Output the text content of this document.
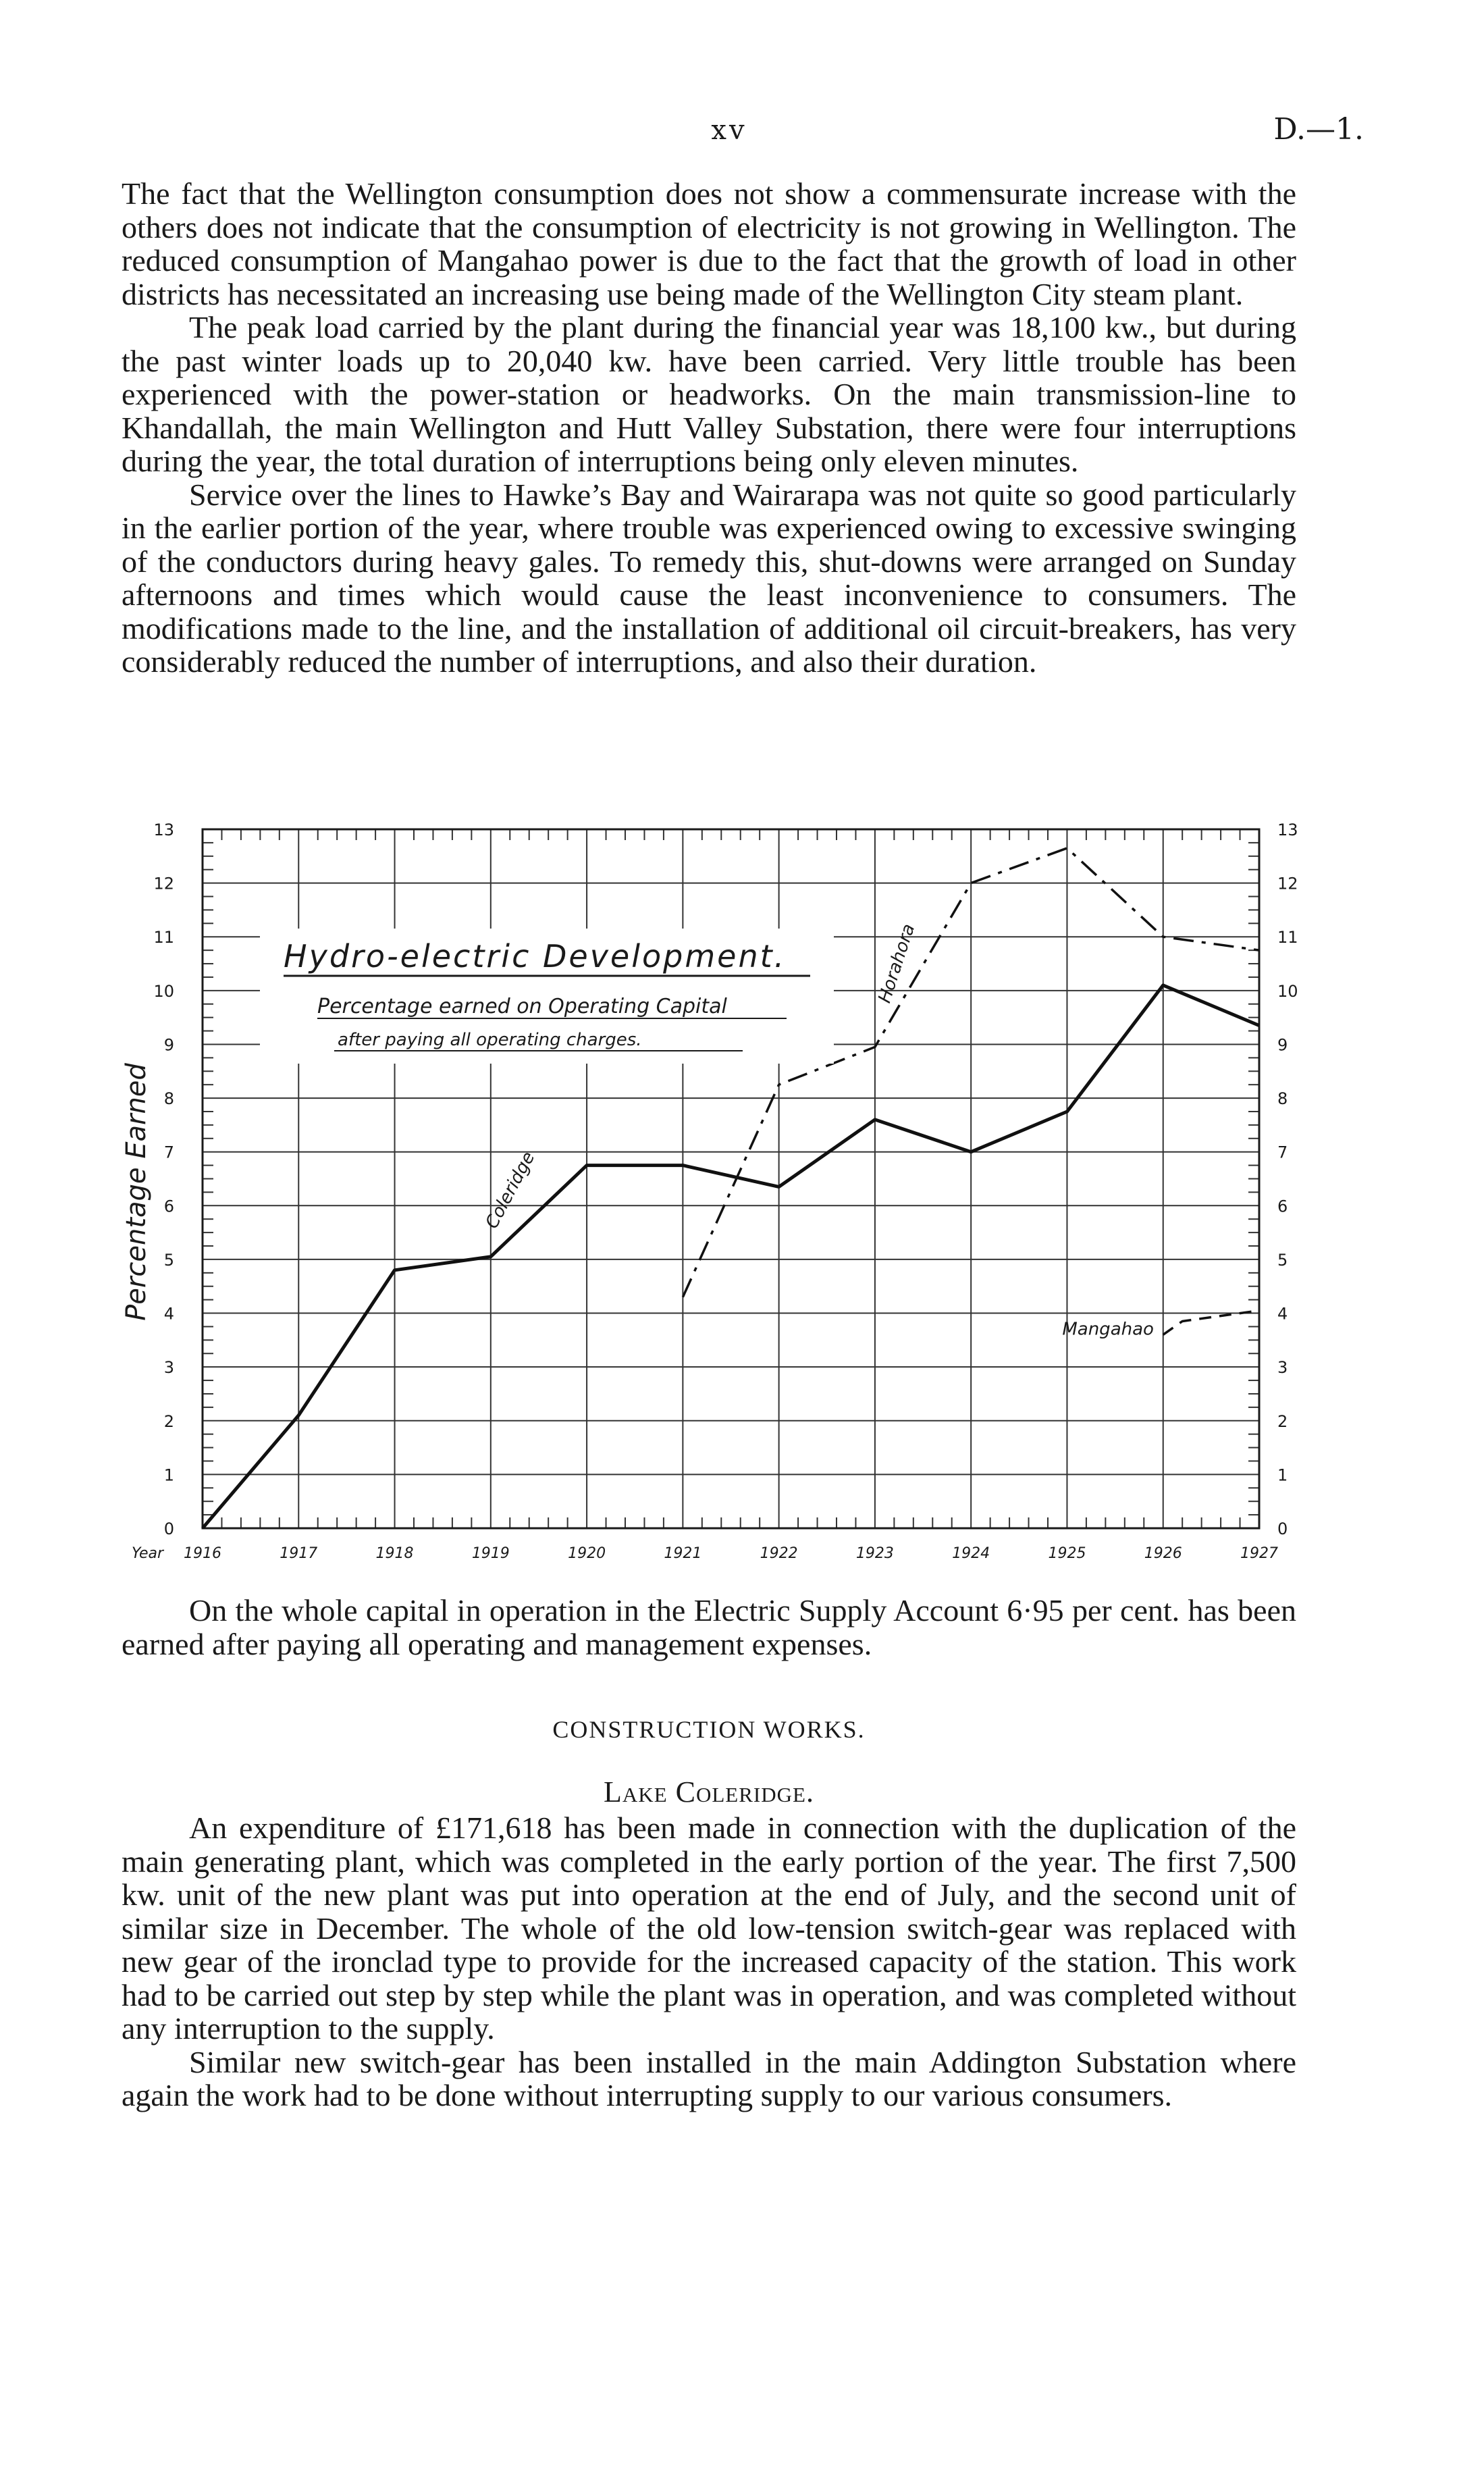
xv	D.—1.

The fact that the Wellington consumption does not show a commensurate increase with the others does not indicate that the consumption of electricity is not growing in Wellington. The reduced consumption of Mangahao power is due to the fact that the growth of load in other districts has necessitated an increasing use being made of the Wellington City steam plant.

The peak load carried by the plant during the financial year was 18,100 kw., but during the past winter loads up to 20,040 kw. have been carried. Very little trouble has been experienced with the power-station or headworks. On the main transmission-line to Khandallah, the main Wellington and Hutt Valley Substation, there were four interruptions during the year, the total duration of interruptions being only eleven minutes.

Service over the lines to Hawke’s Bay and Wairarapa was not quite so good particularly in the earlier portion of the year, where trouble was experienced owing to excessive swinging of the conductors during heavy gales. To remedy this, shut-downs were arranged on Sunday afternoons and times which would cause the least inconvenience to consumers. The modifications made to the line, and the installation of additional oil circuit-breakers, has very considerably reduced the number of interruptions, and also their duration.

0	0
1	1
2	2
3	3
4	4
5	5
6	6
7	7
8	8
9	9
10	10
11	11
12	12
13	13
Year 1916	1917	1918	1919	1920	1921	1922	1923	1924	1925	1926	1927
Coleridge
Horahora
Mangahao
Hydro-electric Development.
Percentage earned on Operating Capital
after paying all operating charges.
Percentage Earned

On the whole capital in operation in the Electric Supply Account 6·95 per cent. has been earned after paying all operating and management expenses.

CONSTRUCTION WORKS.
Lake Coleridge.

An expenditure of £171,618 has been made in connection with the duplication of the main generating plant, which was completed in the early portion of the year. The first 7,500 kw. unit of the new plant was put into operation at the end of July, and the second unit of similar size in December. The whole of the old low-tension switch-gear was replaced with new gear of the ironclad type to provide for the increased capacity of the station. This work had to be carried out step by step while the plant was in operation, and was completed without any interruption to the supply.

Similar new switch-gear has been installed in the main Addington Substation where again the work had to be done without interrupting supply to our various consumers.
